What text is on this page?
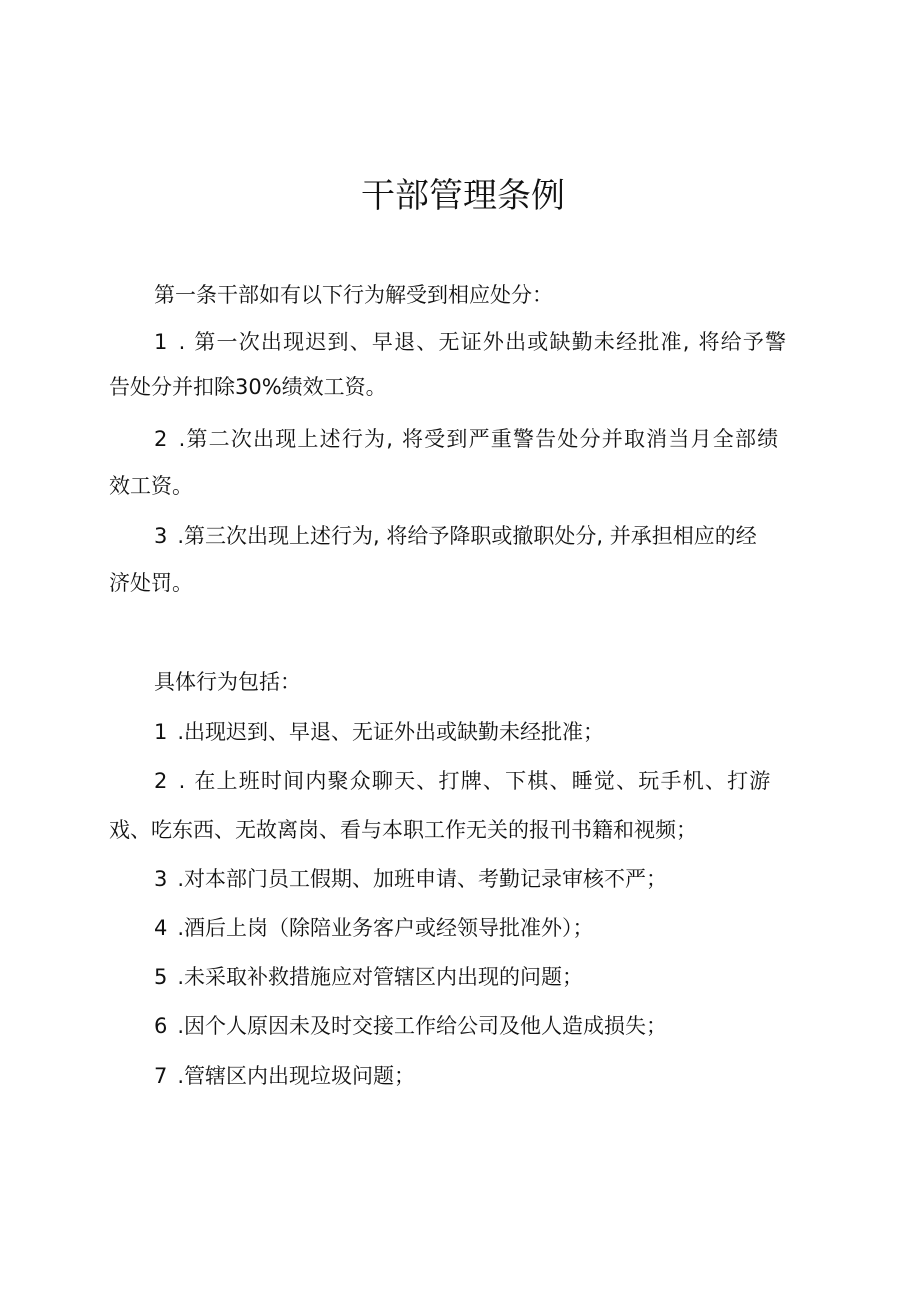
干部管理条例

第一条干部如有以下行为解受到相应处分：

1 . 第一次出现迟到、早退、无证外出或缺勤未经批准, 将给予警

告处分并扣除30%绩效工资。

2 .第二次出现上述行为, 将受到严重警告处分并取消当月全部绩

效工资。

3 .第三次出现上述行为, 将给予降职或撤职处分, 并承担相应的经

济处罚。

具体行为包括：

1 .出现迟到、早退、无证外出或缺勤未经批准；

2 . 在上班时间内聚众聊天、打牌、下棋、睡觉、玩手机、打游

戏、吃东西、无故离岗、看与本职工作无关的报刊书籍和视频；

3 .对本部门员工假期、加班申请、考勤记录审核不严；

4 .酒后上岗（除陪业务客户或经领导批准外）；

5 .未采取补救措施应对管辖区内出现的问题；

6 .因个人原因未及时交接工作给公司及他人造成损失；

7 .管辖区内出现垃圾问题；
